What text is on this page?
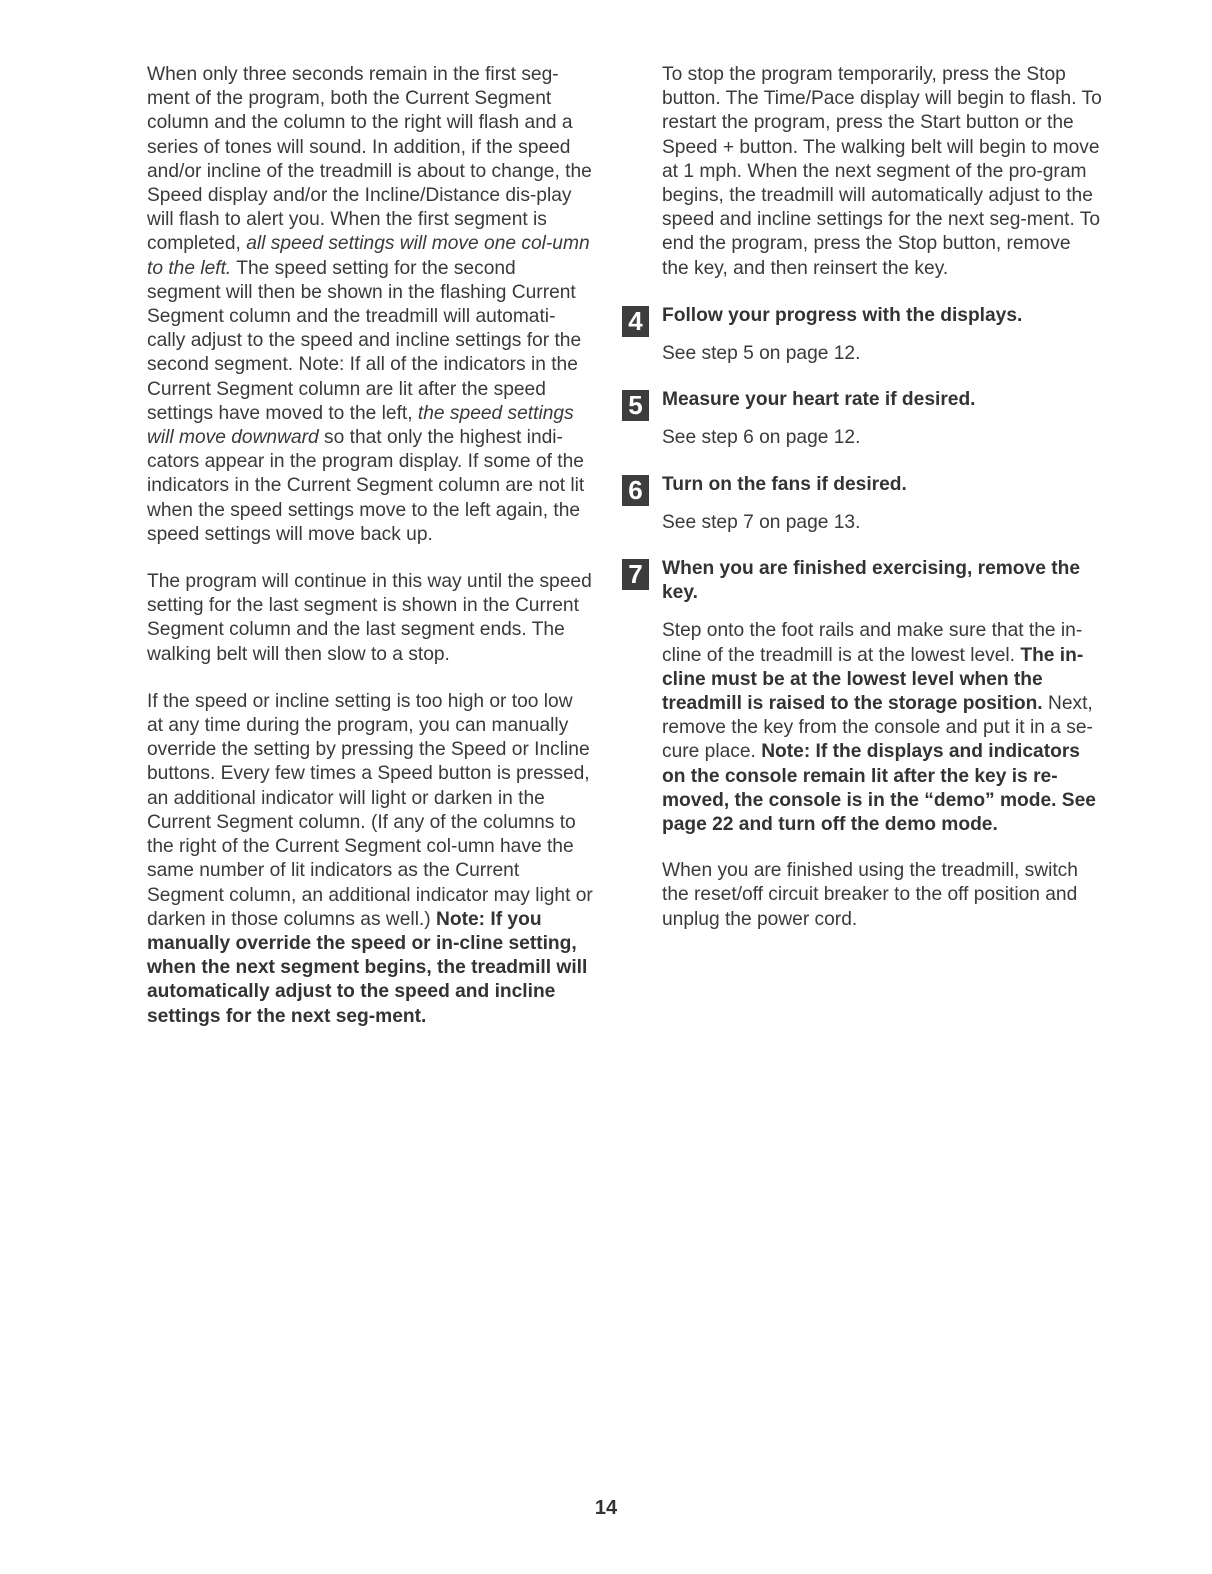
When only three seconds remain in the first seg-ment of the program, both the Current Segment column and the column to the right will flash and a series of tones will sound. In addition, if the speed and/or incline of the treadmill is about to change, the Speed display and/or the Incline/Distance dis-play will flash to alert you. When the first segment is completed, all speed settings will move one col-umn to the left. The speed setting for the second segment will then be shown in the flashing Current Segment column and the treadmill will automati-cally adjust to the speed and incline settings for the second segment. Note: If all of the indicators in the Current Segment column are lit after the speed settings have moved to the left, the speed settings will move downward so that only the highest indi-cators appear in the program display. If some of the indicators in the Current Segment column are not lit when the speed settings move to the left again, the speed settings will move back up.

The program will continue in this way until the speed setting for the last segment is shown in the Current Segment column and the last segment ends. The walking belt will then slow to a stop.

If the speed or incline setting is too high or too low at any time during the program, you can manually override the setting by pressing the Speed or Incline buttons. Every few times a Speed button is pressed, an additional indicator will light or darken in the Current Segment column. (If any of the columns to the right of the Current Segment col-umn have the same number of lit indicators as the Current Segment column, an additional indicator may light or darken in those columns as well.) Note: If you manually override the speed or in-cline setting, when the next segment begins, the treadmill will automatically adjust to the speed and incline settings for the next seg-ment.

To stop the program temporarily, press the Stop button. The Time/Pace display will begin to flash. To restart the program, press the Start button or the Speed + button. The walking belt will begin to move at 1 mph. When the next segment of the pro-gram begins, the treadmill will automatically adjust to the speed and incline settings for the next seg-ment. To end the program, press the Stop button, remove the key, and then reinsert the key.

4	Follow your progress with the displays.

See step 5 on page 12.

5	Measure your heart rate if desired.

See step 6 on page 12.

6	Turn on the fans if desired.

See step 7 on page 13.

7	When you are finished exercising, remove the key.

Step onto the foot rails and make sure that the in-cline of the treadmill is at the lowest level. The in-cline must be at the lowest level when the treadmill is raised to the storage position. Next, remove the key from the console and put it in a se-cure place. Note: If the displays and indicators on the console remain lit after the key is re-moved, the console is in the “demo” mode. See page 22 and turn off the demo mode.

When you are finished using the treadmill, switch the reset/off circuit breaker to the off position and unplug the power cord.

14
